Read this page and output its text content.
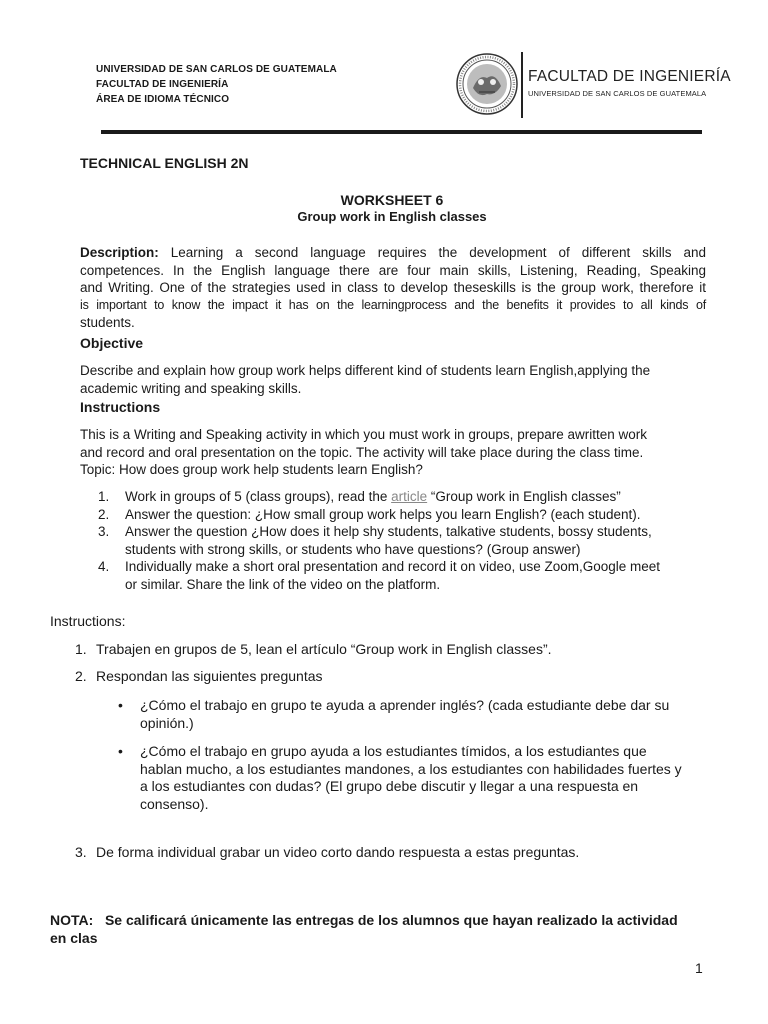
UNIVERSIDAD DE SAN CARLOS DE GUATEMALA
FACULTAD DE INGENIERÍA
ÁREA DE IDIOMA TÉCNICO
FACULTAD DE INGENIERÍA
UNIVERSIDAD DE SAN CARLOS DE GUATEMALA
TECHNICAL ENGLISH 2N
WORKSHEET 6
Group work in English classes
Description: Learning a second language requires the development of different skills and
competences. In the English language there are four main skills, Listening, Reading, Speaking
and Writing. One of the strategies used in class to develop theseskills is the group work, therefore it
is important to know the impact it has on the learningprocess and the benefits it provides to all kinds of
students.
Objective
Describe and explain how group work helps different kind of students learn English,applying the
academic writing and speaking skills.
Instructions
This is a Writing and Speaking activity in which you must work in groups, prepare awritten work
and record and oral presentation on the topic. The activity will take place during the class time.
Topic: How does group work help students learn English?
1. Work in groups of 5 (class groups), read the article “Group work in English classes”
2. Answer the question: ¿How small group work helps you learn English? (each student).
3. Answer the question ¿How does it help shy students, talkative students, bossy students,
students with strong skills, or students who have questions? (Group answer)
4. Individually make a short oral presentation and record it on video, use Zoom,Google meet
or similar. Share the link of the video on the platform.
Instructions:
1. Trabajen en grupos de 5, lean el artículo “Group work in English classes”.
2. Respondan las siguientes preguntas
• ¿Cómo el trabajo en grupo te ayuda a aprender inglés? (cada estudiante debe dar su
opinión.)
• ¿Cómo el trabajo en grupo ayuda a los estudiantes tímidos, a los estudiantes que
hablan mucho, a los estudiantes mandones, a los estudiantes con habilidades fuertes y
a los estudiantes con dudas? (El grupo debe discutir y llegar a una respuesta en
consenso).
3. De forma individual grabar un video corto dando respuesta a estas preguntas.
NOTA: Se calificará únicamente las entregas de los alumnos que hayan realizado la actividad
en clas
1
